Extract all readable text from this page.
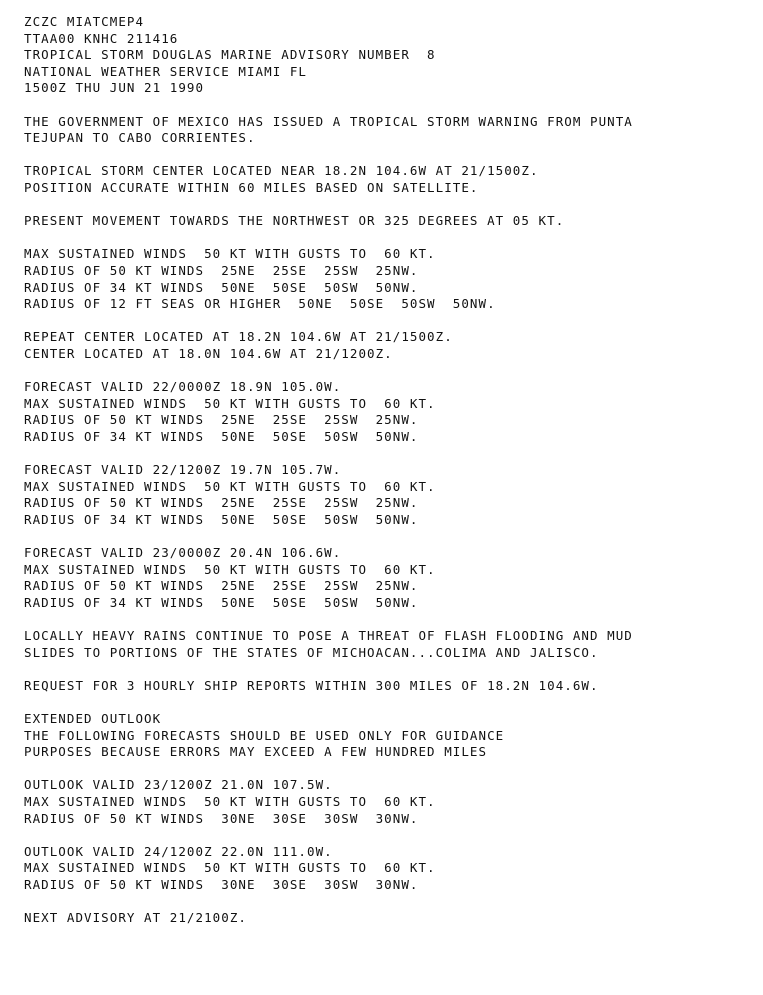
ZCZC MIATCMEP4
TTAA00 KNHC 211416
TROPICAL STORM DOUGLAS MARINE ADVISORY NUMBER  8
NATIONAL WEATHER SERVICE MIAMI FL
1500Z THU JUN 21 1990
THE GOVERNMENT OF MEXICO HAS ISSUED A TROPICAL STORM WARNING FROM PUNTA
TEJUPAN TO CABO CORRIENTES.
TROPICAL STORM CENTER LOCATED NEAR 18.2N 104.6W AT 21/1500Z.
POSITION ACCURATE WITHIN 60 MILES BASED ON SATELLITE.
PRESENT MOVEMENT TOWARDS THE NORTHWEST OR 325 DEGREES AT 05 KT.
MAX SUSTAINED WINDS  50 KT WITH GUSTS TO  60 KT.
RADIUS OF 50 KT WINDS  25NE  25SE  25SW  25NW.
RADIUS OF 34 KT WINDS  50NE  50SE  50SW  50NW.
RADIUS OF 12 FT SEAS OR HIGHER  50NE  50SE  50SW  50NW.
REPEAT CENTER LOCATED AT 18.2N 104.6W AT 21/1500Z.
CENTER LOCATED AT 18.0N 104.6W AT 21/1200Z.
FORECAST VALID 22/0000Z 18.9N 105.0W.
MAX SUSTAINED WINDS  50 KT WITH GUSTS TO  60 KT.
RADIUS OF 50 KT WINDS  25NE  25SE  25SW  25NW.
RADIUS OF 34 KT WINDS  50NE  50SE  50SW  50NW.
FORECAST VALID 22/1200Z 19.7N 105.7W.
MAX SUSTAINED WINDS  50 KT WITH GUSTS TO  60 KT.
RADIUS OF 50 KT WINDS  25NE  25SE  25SW  25NW.
RADIUS OF 34 KT WINDS  50NE  50SE  50SW  50NW.
FORECAST VALID 23/0000Z 20.4N 106.6W.
MAX SUSTAINED WINDS  50 KT WITH GUSTS TO  60 KT.
RADIUS OF 50 KT WINDS  25NE  25SE  25SW  25NW.
RADIUS OF 34 KT WINDS  50NE  50SE  50SW  50NW.
LOCALLY HEAVY RAINS CONTINUE TO POSE A THREAT OF FLASH FLOODING AND MUD
SLIDES TO PORTIONS OF THE STATES OF MICHOACAN...COLIMA AND JALISCO.
REQUEST FOR 3 HOURLY SHIP REPORTS WITHIN 300 MILES OF 18.2N 104.6W.
EXTENDED OUTLOOK
THE FOLLOWING FORECASTS SHOULD BE USED ONLY FOR GUIDANCE
PURPOSES BECAUSE ERRORS MAY EXCEED A FEW HUNDRED MILES
OUTLOOK VALID 23/1200Z 21.0N 107.5W.
MAX SUSTAINED WINDS  50 KT WITH GUSTS TO  60 KT.
RADIUS OF 50 KT WINDS  30NE  30SE  30SW  30NW.
OUTLOOK VALID 24/1200Z 22.0N 111.0W.
MAX SUSTAINED WINDS  50 KT WITH GUSTS TO  60 KT.
RADIUS OF 50 KT WINDS  30NE  30SE  30SW  30NW.
NEXT ADVISORY AT 21/2100Z.
